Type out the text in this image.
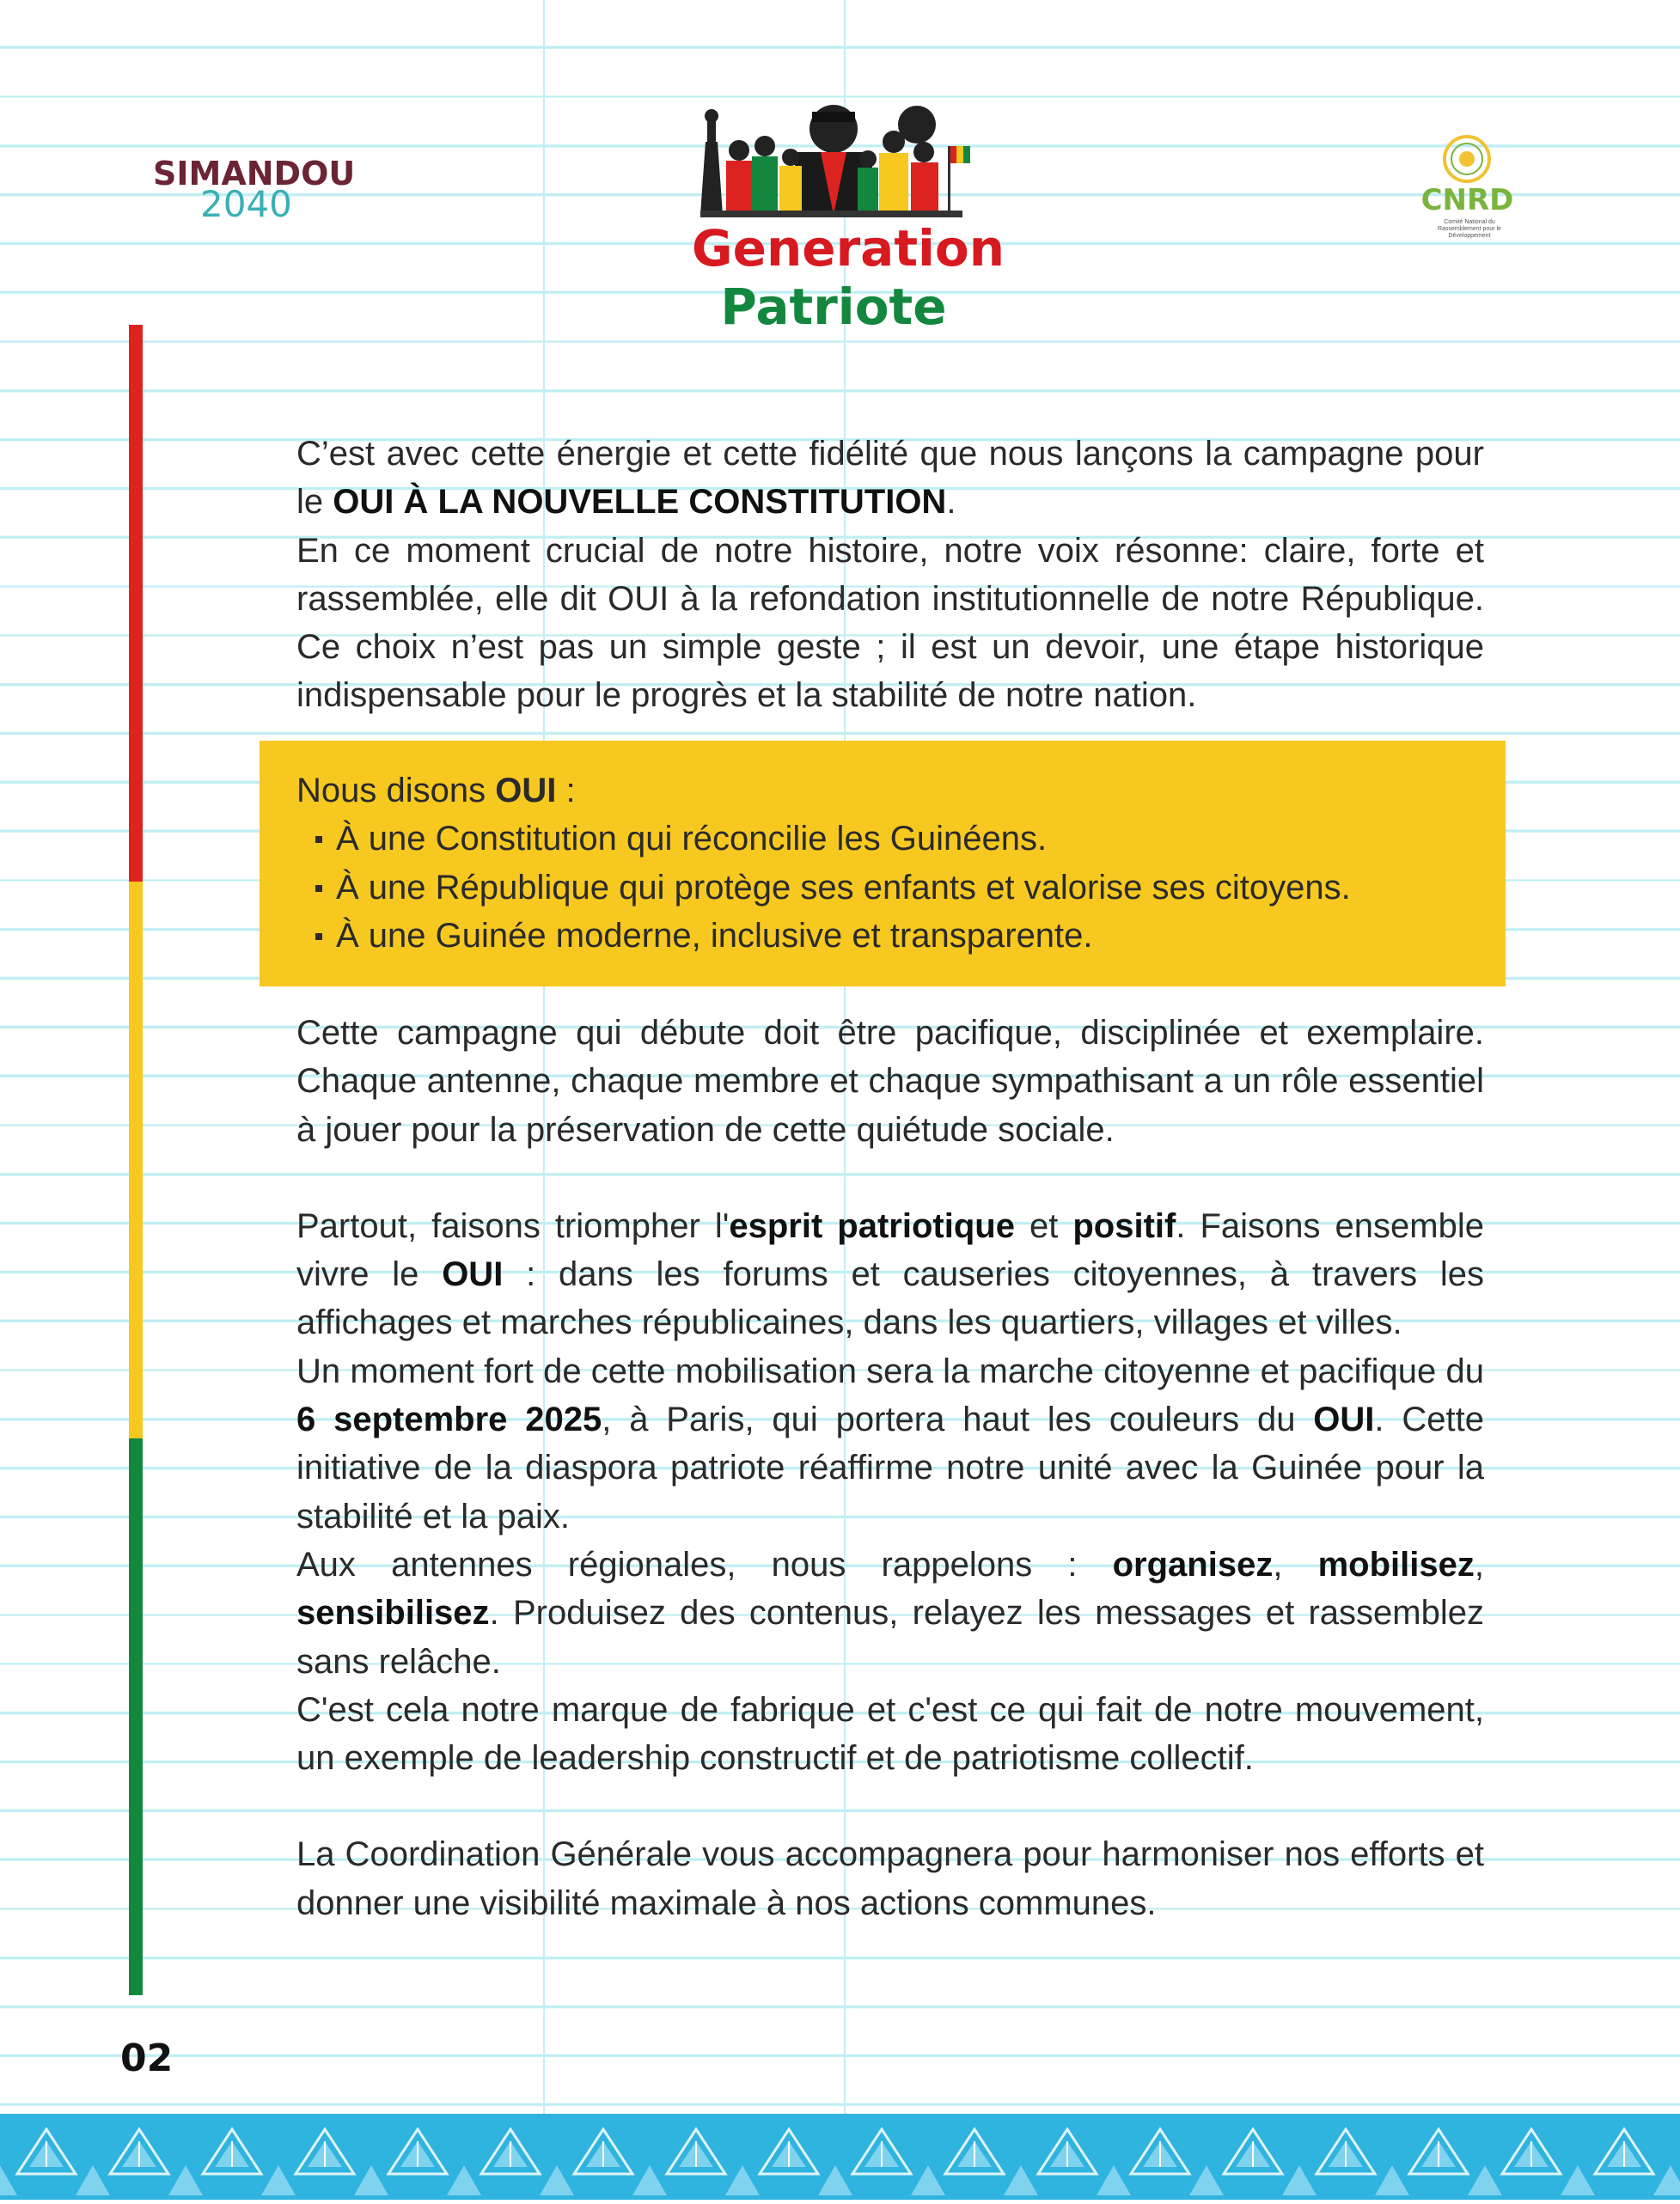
SIMANDOU
2040
Generation
Patriote
CNRD
Comité National du Rassemblement pour le Développement

C’est avec cette énergie et cette fidélité que nous lançons la campagne pour le OUI À LA NOUVELLE CONSTITUTION.

En ce moment crucial de notre histoire, notre voix résonne: claire, forte et rassemblée, elle dit OUI à la refondation institutionnelle de notre République. Ce choix n’est pas un simple geste ; il est un devoir, une étape historique indispensable pour le progrès et la stabilité de notre nation.

Nous disons OUI :

À une Constitution qui réconcilie les Guinéens.
À une République qui protège ses enfants et valorise ses citoyens.
À une Guinée moderne, inclusive et transparente.

Cette campagne qui débute doit être pacifique, disciplinée et exemplaire. Chaque antenne, chaque membre et chaque sympathisant a un rôle essentiel à jouer pour la préservation de cette quiétude sociale.

Partout, faisons triompher l'esprit patriotique et positif. Faisons ensemble vivre le OUI : dans les forums et causeries citoyennes, à travers les affichages et marches républicaines, dans les quartiers, villages et villes.

Un moment fort de cette mobilisation sera la marche citoyenne et pacifique du 6 septembre 2025, à Paris, qui portera haut les couleurs du OUI. Cette initiative de la diaspora patriote réaffirme notre unité avec la Guinée pour la stabilité et la paix.

Aux antennes régionales, nous rappelons : organisez, mobilisez, sensibilisez. Produisez des contenus, relayez les messages et rassemblez sans relâche.

C'est cela notre marque de fabrique et c'est ce qui fait de notre mouvement, un exemple de leadership constructif et de patriotisme collectif.

La Coordination Générale vous accompagnera pour harmoniser nos efforts et donner une visibilité maximale à nos actions communes.

02
